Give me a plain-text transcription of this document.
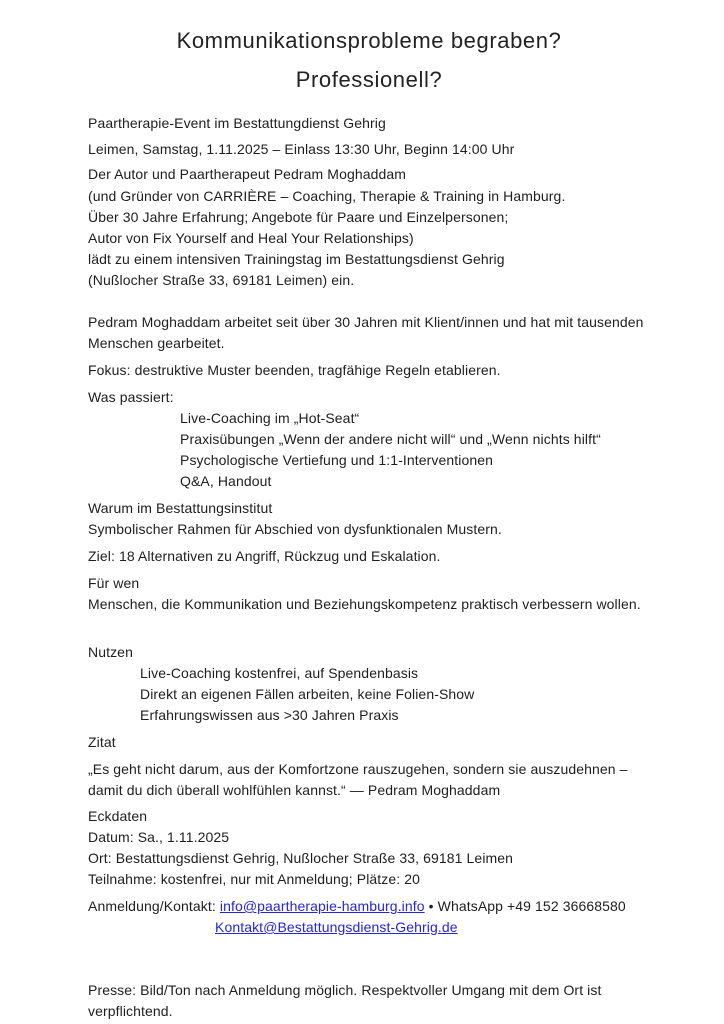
Kommunikationsprobleme begraben?
Professionell?

Paartherapie-Event im Bestattungdienst Gehrig

Leimen, Samstag, 1.11.2025 – Einlass 13:30 Uhr, Beginn 14:00 Uhr

Der Autor und Paartherapeut Pedram Moghaddam

(und Gründer von CARRIÈRE – Coaching, Therapie & Training in Hamburg.

Über 30 Jahre Erfahrung; Angebote für Paare und Einzelpersonen;

Autor von Fix Yourself and Heal Your Relationships)

lädt zu einem intensiven Trainingstag im Bestattungsdienst Gehrig

(Nußlocher Straße 33, 69181 Leimen) ein.

Pedram Moghaddam arbeitet seit über 30 Jahren mit Klient/innen und hat mit tausenden

Menschen gearbeitet.

Fokus: destruktive Muster beenden, tragfähige Regeln etablieren.

Was passiert:

Live-Coaching im „Hot-Seat“

Praxisübungen „Wenn der andere nicht will“ und „Wenn nichts hilft“

Psychologische Vertiefung und 1:1-Interventionen

Q&A, Handout

Warum im Bestattungsinstitut

Symbolischer Rahmen für Abschied von dysfunktionalen Mustern.

Ziel: 18 Alternativen zu Angriff, Rückzug und Eskalation.

Für wen

Menschen, die Kommunikation und Beziehungskompetenz praktisch verbessern wollen.

Nutzen

Live-Coaching kostenfrei, auf Spendenbasis

Direkt an eigenen Fällen arbeiten, keine Folien-Show

Erfahrungswissen aus >30 Jahren Praxis

Zitat

„Es geht nicht darum, aus der Komfortzone rauszugehen, sondern sie auszudehnen –

damit du dich überall wohlfühlen kannst.“ — Pedram Moghaddam

Eckdaten

Datum: Sa., 1.11.2025

Ort: Bestattungsdienst Gehrig, Nußlocher Straße 33, 69181 Leimen

Teilnahme: kostenfrei, nur mit Anmeldung; Plätze: 20

Anmeldung/Kontakt: info@paartherapie-hamburg.info • WhatsApp +49 152 36668580

Kontakt@Bestattungsdienst-Gehrig.de

Presse: Bild/Ton nach Anmeldung möglich. Respektvoller Umgang mit dem Ort ist

verpflichtend.
